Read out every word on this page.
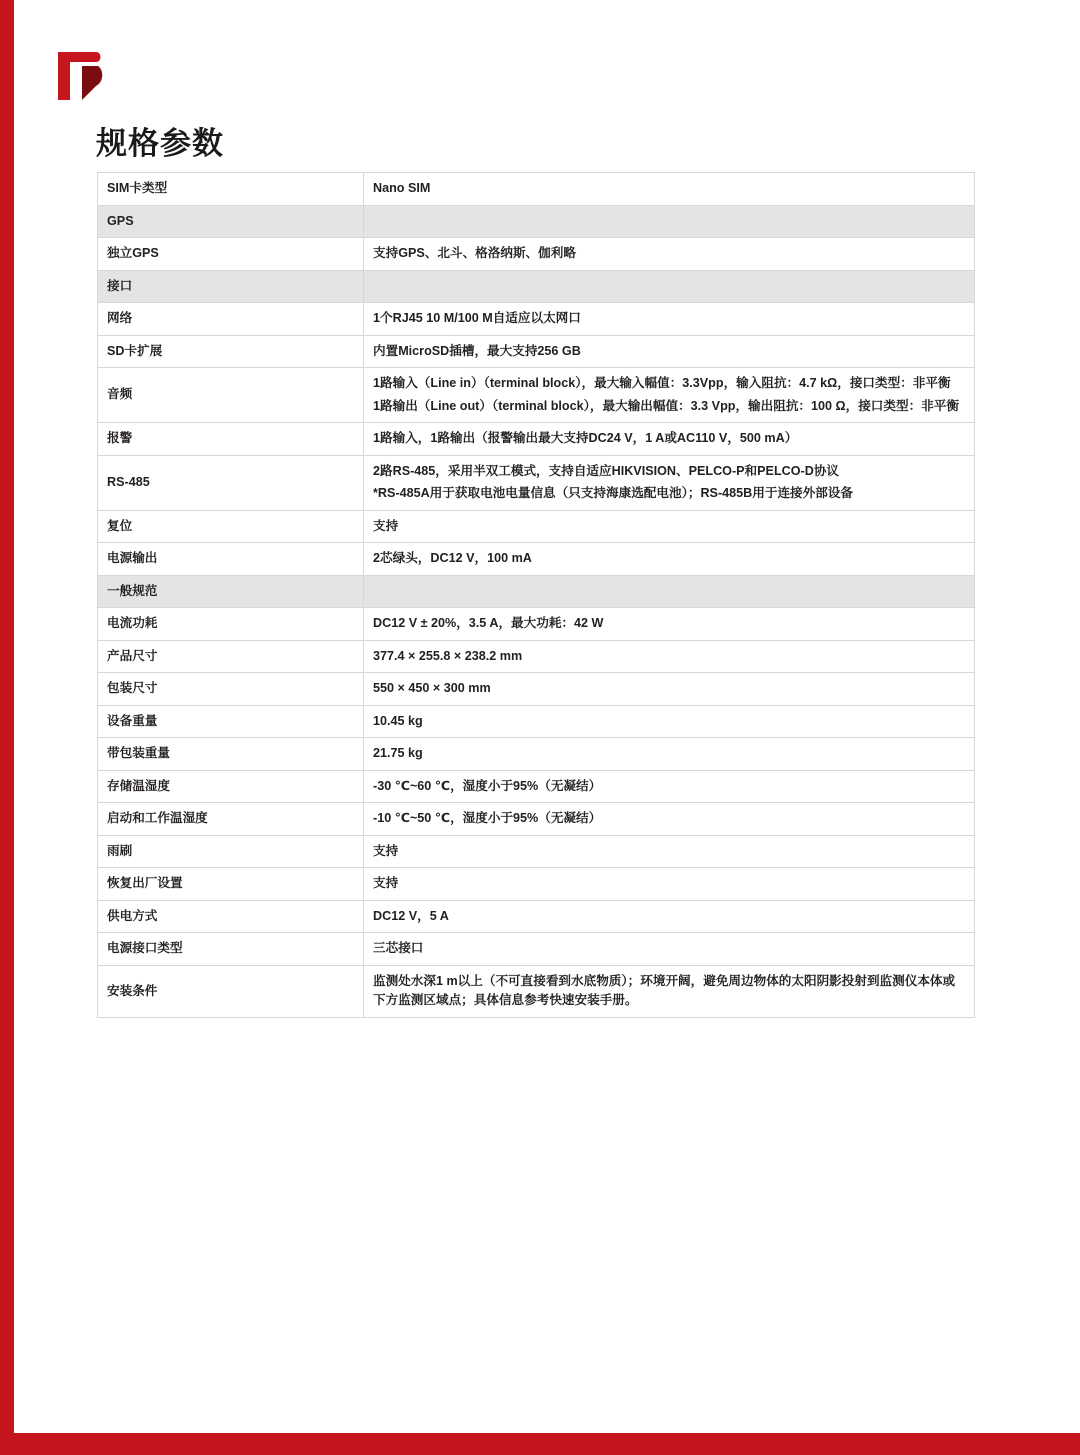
规格参数
SIM卡类型	Nano SIM

GPS	
独立GPS	支持GPS、北斗、格洛纳斯、伽利略

接口	
网络	1个RJ45 10 M/100 M自适应以太网口

SD卡扩展	内置MicroSD插槽，最大支持256 GB

音频	1路输入（Line in）（terminal block），最大输入幅值：3.3Vpp，输入阻抗：4.7 kΩ，接口类型：非平衡

1路输出（Line out）（terminal block），最大输出幅值：3.3 Vpp，输出阻抗：100 Ω，接口类型：非平衡

报警	1路输入，1路输出（报警输出最大支持DC24 V，1 A或AC110 V，500 mA）

RS-485	2路RS-485，采用半双工模式，支持自适应HIKVISION、PELCO-P和PELCO-D协议

*RS-485A用于获取电池电量信息（只支持海康选配电池）；RS-485B用于连接外部设备

复位	支持

电源输出	2芯绿头，DC12 V，100 mA

一般规范	
电流功耗	DC12 V ± 20%，3.5 A，最大功耗：42 W

产品尺寸	377.4 × 255.8 × 238.2 mm

包装尺寸	550 × 450 × 300 mm

设备重量	10.45 kg

带包装重量	21.75 kg

存储温湿度	-30 ℃~60 ℃，湿度小于95%（无凝结）

启动和工作温湿度	-10 ℃~50 ℃，湿度小于95%（无凝结）

雨刷	支持

恢复出厂设置	支持

供电方式	DC12 V，5 A

电源接口类型	三芯接口

安装条件	监测处水深1 m以上（不可直接看到水底物质）；环境开阔，避免周边物体的太阳阴影投射到监测仪本体或下方监测区域点；具体信息参考快速安装手册。
